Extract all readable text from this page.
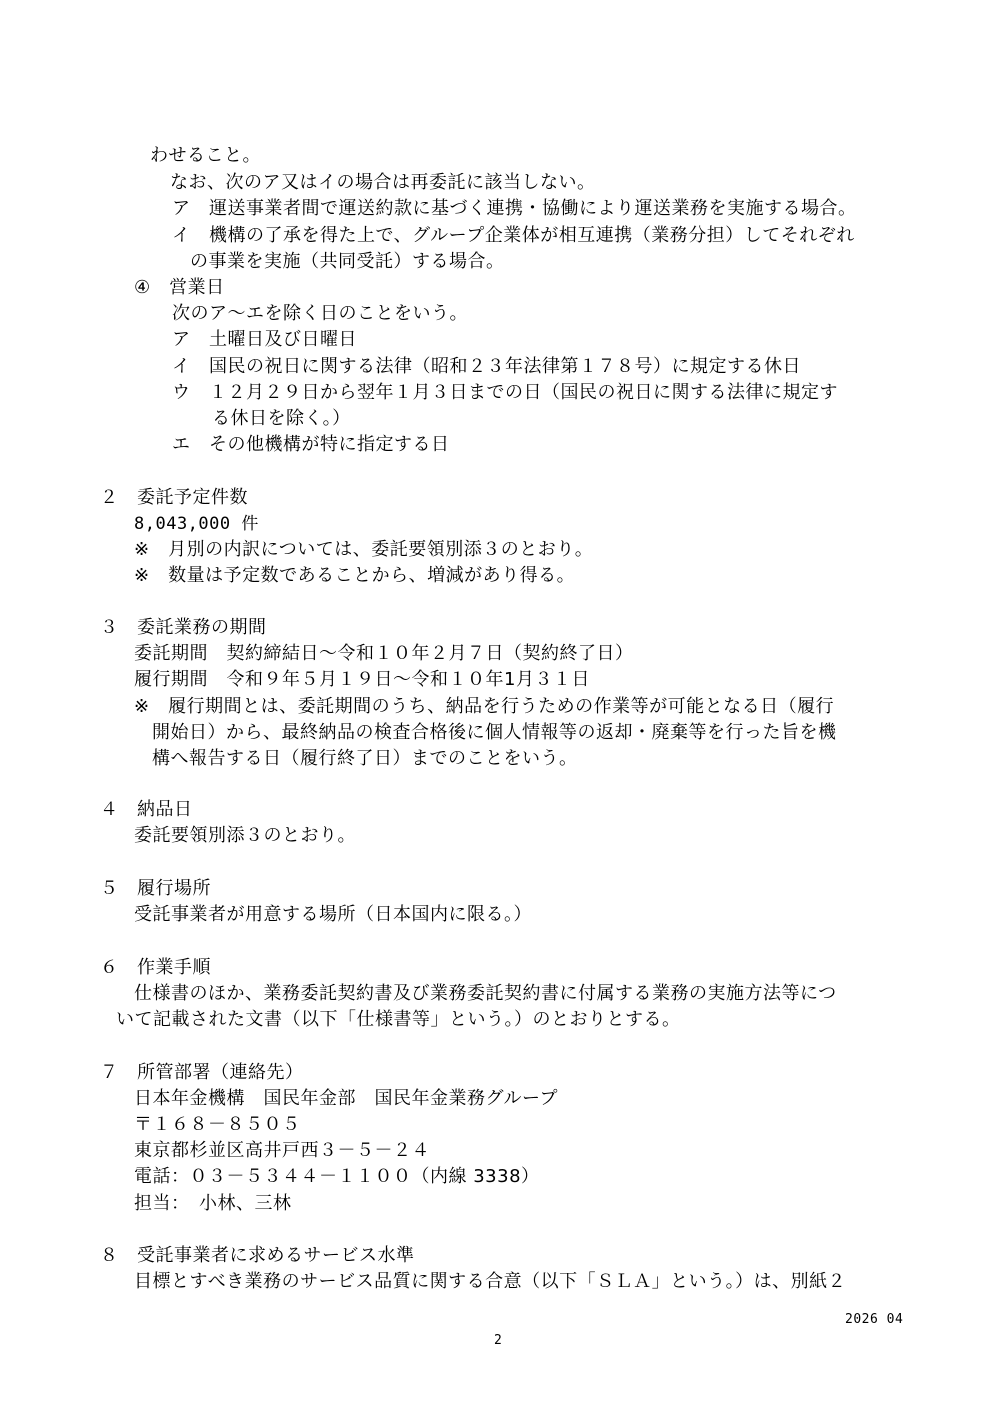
わせること。
なお、次のア又はイの場合は再委託に該当しない。
ア　運送事業者間で運送約款に基づく連携・協働により運送業務を実施する場合。
イ　機構の了承を得た上で、グループ企業体が相互連携（業務分担）してそれぞれ
の事業を実施（共同受託）する場合。
④　営業日
次のア～エを除く日のことをいう。
ア　土曜日及び日曜日
イ　国民の祝日に関する法律（昭和２３年法律第１７８号）に規定する休日
ウ　１２月２９日から翌年１月３日までの日（国民の祝日に関する法律に規定す
る休日を除く。）
エ　その他機構が特に指定する日
２　委託予定件数
8,043,000 件
※　月別の内訳については、委託要領別添３のとおり。
※　数量は予定数であることから、増減があり得る。
３　委託業務の期間
委託期間　契約締結日～令和１０年２月７日（契約終了日）
履行期間　令和９年５月１９日～令和１０年1月３１日
※　履行期間とは、委託期間のうち、納品を行うための作業等が可能となる日（履行
開始日）から、最終納品の検査合格後に個人情報等の返却・廃棄等を行った旨を機
構へ報告する日（履行終了日）までのことをいう。
４　納品日
委託要領別添３のとおり。
５　履行場所
受託事業者が用意する場所（日本国内に限る。）
６　作業手順
仕様書のほか、業務委託契約書及び業務委託契約書に付属する業務の実施方法等につ
いて記載された文書（以下「仕様書等」という。）のとおりとする。
７　所管部署（連絡先）
日本年金機構　国民年金部　国民年金業務グループ
〒１６８－８５０５
東京都杉並区高井戸西３－５－２４
電話：０３－５３４４－１１００（内線 3338）
担当：　小林、三林
８　受託事業者に求めるサービス水準
目標とすべき業務のサービス品質に関する合意（以下「ＳＬＡ」という。）は、別紙２
2026 04
2
